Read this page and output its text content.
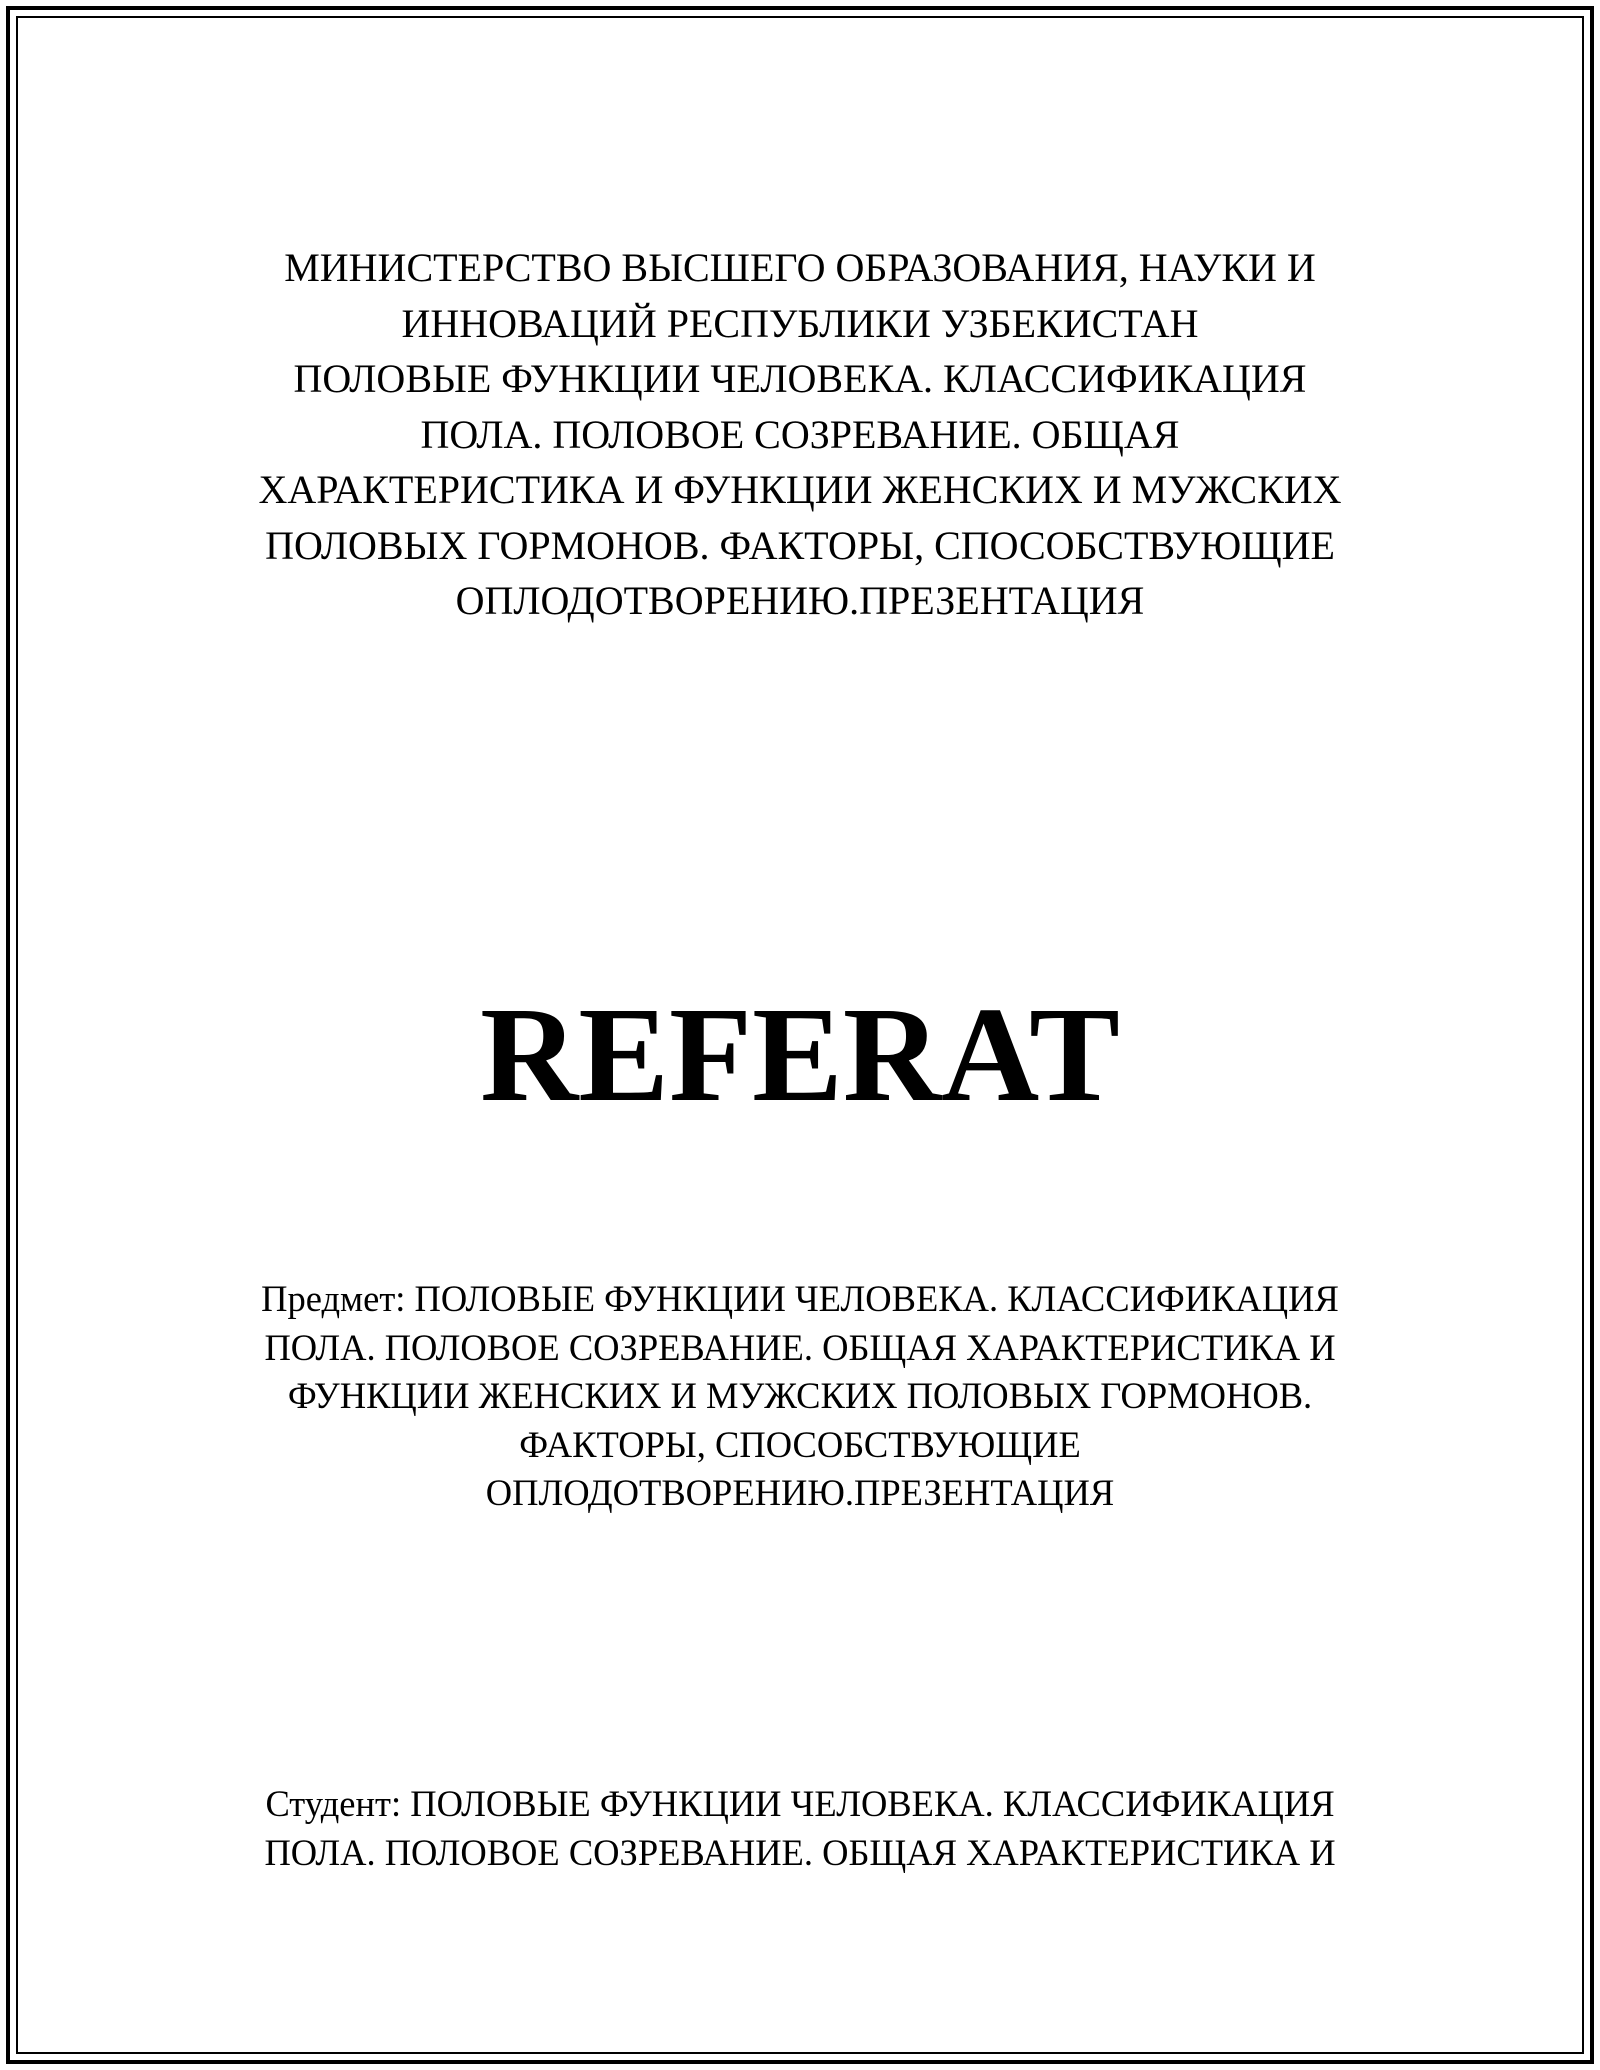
МИНИСТЕРСТВО ВЫСШЕГО ОБРАЗОВАНИЯ, НАУКИ И
ИННОВАЦИЙ РЕСПУБЛИКИ УЗБЕКИСТАН
ПОЛОВЫЕ ФУНКЦИИ ЧЕЛОВЕКА. КЛАССИФИКАЦИЯ ПОЛА. ПОЛОВОЕ СОЗРЕВАНИЕ. ОБЩАЯ ХАРАКТЕРИСТИКА И ФУНКЦИИ ЖЕНСКИХ И МУЖСКИХ ПОЛОВЫХ ГОРМОНОВ. ФАКТОРЫ, СПОСОБСТВУЮЩИЕ ОПЛОДОТВОРЕНИЮ.ПРЕЗЕНТАЦИЯ
REFERAT

Предмет: ПОЛОВЫЕ ФУНКЦИИ ЧЕЛОВЕКА. КЛАССИФИКАЦИЯ ПОЛА. ПОЛОВОЕ СОЗРЕВАНИЕ. ОБЩАЯ ХАРАКТЕРИСТИКА И ФУНКЦИИ ЖЕНСКИХ И МУЖСКИХ ПОЛОВЫХ ГОРМОНОВ. ФАКТОРЫ, СПОСОБСТВУЮЩИЕ ОПЛОДОТВОРЕНИЮ.ПРЕЗЕНТАЦИЯ

Студент: ПОЛОВЫЕ ФУНКЦИИ ЧЕЛОВЕКА. КЛАССИФИКАЦИЯ ПОЛА. ПОЛОВОЕ СОЗРЕВАНИЕ. ОБЩАЯ ХАРАКТЕРИСТИКА И
